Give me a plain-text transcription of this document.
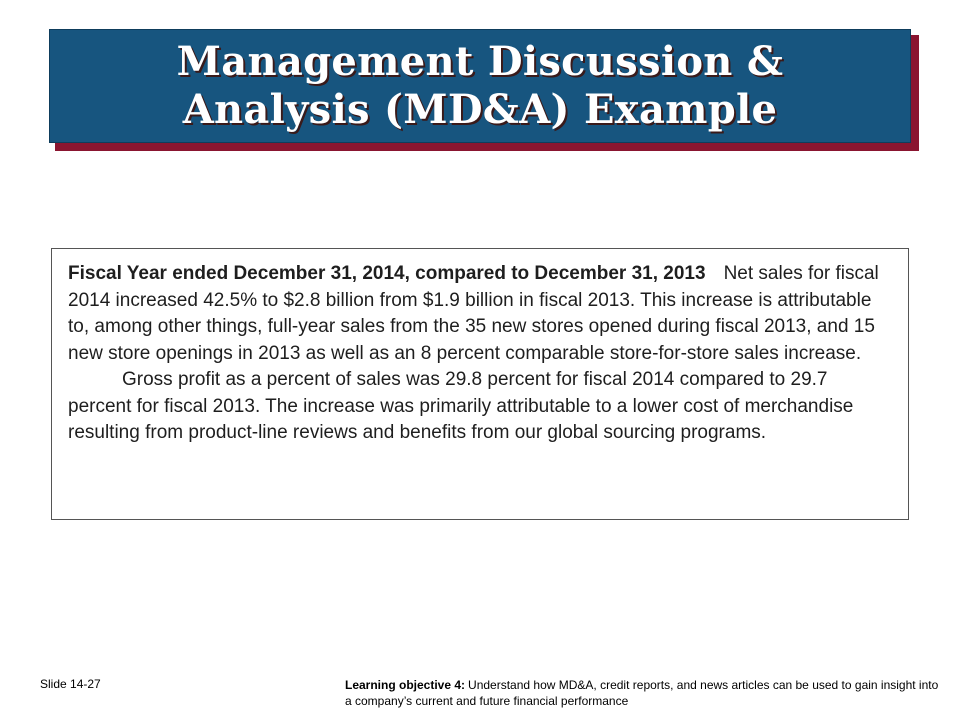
Management Discussion &
Analysis (MD&A) Example

Fiscal Year ended December 31, 2014, compared to December 31, 2013 Net sales for fiscal 2014 increased 42.5% to $2.8 billion from $1.9 billion in fiscal 2013. This increase is attributable to, among other things, full-year sales from the 35 new stores opened during fiscal 2013, and 15 new store openings in 2013 as well as an 8 percent comparable store-for-store sales increase.

Gross profit as a percent of sales was 29.8 percent for fiscal 2014 compared to 29.7 percent for fiscal 2013. The increase was primarily attributable to a lower cost of merchandise resulting from product-line reviews and benefits from our global sourcing programs.

Slide 14-27	Learning objective 4: Understand how MD&A, credit reports, and news articles can be used to gain insight into a company’s current and future financial performance
